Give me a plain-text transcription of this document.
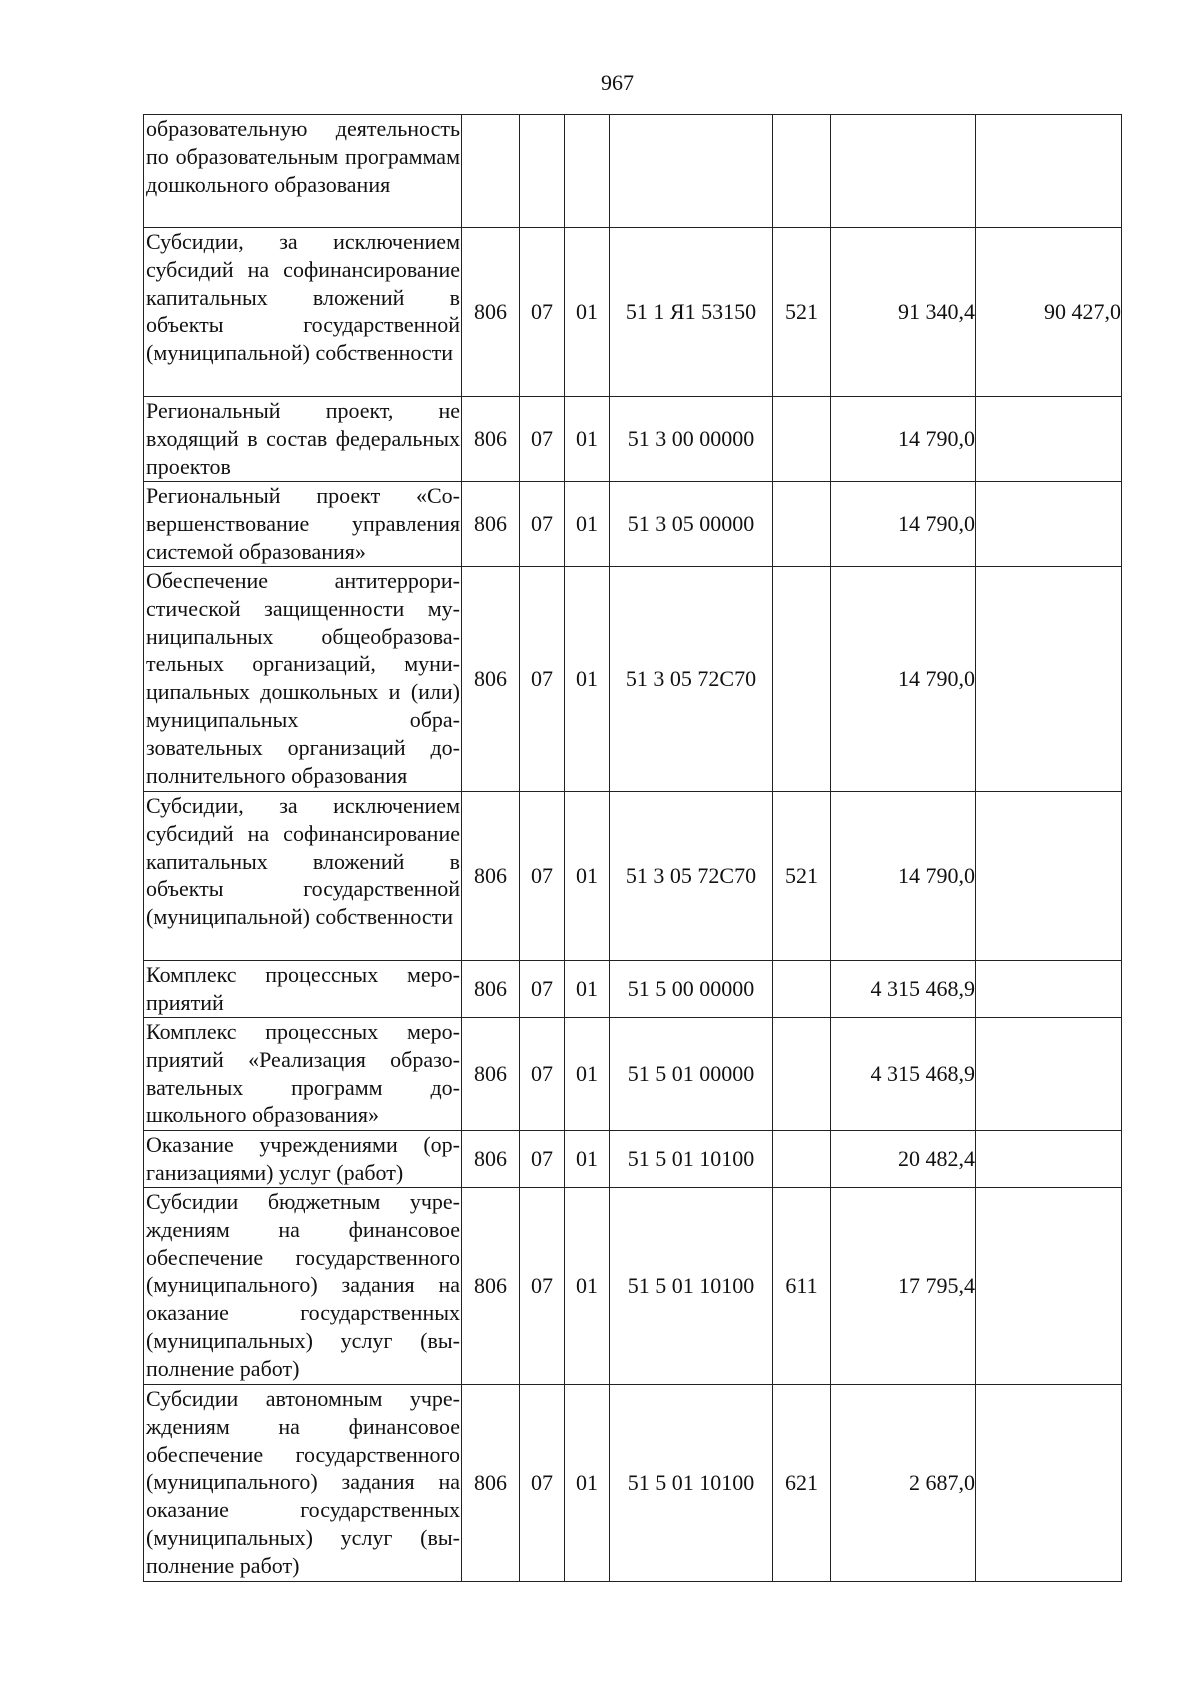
967
образовательную деятельность по образовательным программам дошкольного образования							
Субсидии, за исключением субсидий на софинансирование капитальных вложений в объекты государственной (муниципальной) собственности	806	07	01	51 1 Я1 53150	521	91 340,4	90 427,0
Региональный проект, не входящий в состав федеральных проектов	806	07	01	51 3 00 00000		14 790,0	
Региональный проект «Совершенствование управления системой образования»	806	07	01	51 3 05 00000		14 790,0	
Обеспечение антитеррористической защищенности муниципальных общеобразовательных организаций, муниципальных дошкольных и (или) муниципальных образовательных организаций дополнительного образования	806	07	01	51 3 05 72С70		14 790,0	
Субсидии, за исключением субсидий на софинансирование капитальных вложений в объекты государственной (муниципальной) собственности	806	07	01	51 3 05 72С70	521	14 790,0	
Комплекс процессных мероприятий	806	07	01	51 5 00 00000		4 315 468,9	
Комплекс процессных мероприятий «Реализация образовательных программ дошкольного образования»	806	07	01	51 5 01 00000		4 315 468,9	
Оказание учреждениями (организациями) услуг (работ)	806	07	01	51 5 01 10100		20 482,4	
Субсидии бюджетным учреждениям на финансовое обеспечение государственного (муниципального) задания на оказание государственных (муниципальных) услуг (выполнение работ)	806	07	01	51 5 01 10100	611	17 795,4	
Субсидии автономным учреждениям на финансовое обеспечение государственного (муниципального) задания на оказание государственных (муниципальных) услуг (выполнение работ)	806	07	01	51 5 01 10100	621	2 687,0	
